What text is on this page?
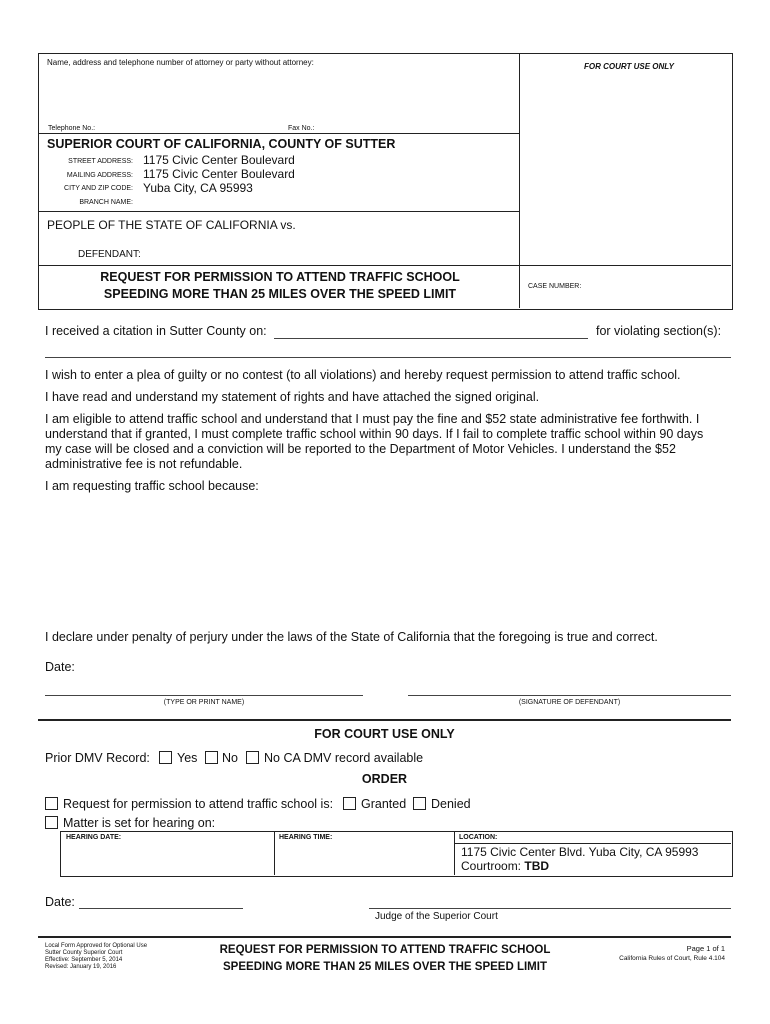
Name, address and telephone number of attorney or party without attorney:	FOR COURT USE ONLY
Telephone No.:	Fax No.:
SUPERIOR COURT OF CALIFORNIA, COUNTY OF SUTTER
STREET ADDRESS: 1175 Civic Center Boulevard
MAILING ADDRESS: 1175 Civic Center Boulevard
CITY AND ZIP CODE: Yuba City, CA 95993
BRANCH NAME:
PEOPLE OF THE STATE OF CALIFORNIA vs.
DEFENDANT:
REQUEST FOR PERMISSION TO ATTEND TRAFFIC SCHOOL
SPEEDING MORE THAN 25 MILES OVER THE SPEED LIMIT
CASE NUMBER:
I received a citation in Sutter County on:	for violating section(s):
I wish to enter a plea of guilty or no contest (to all violations) and hereby request permission to attend traffic school.
I have read and understand my statement of rights and have attached the signed original.
I am eligible to attend traffic school and understand that I must pay the fine and $52 state administrative fee forthwith. I
understand that if granted, I must complete traffic school within 90 days. If I fail to complete traffic school within 90 days
my case will be closed and a conviction will be reported to the Department of Motor Vehicles. I understand the $52
administrative fee is not refundable.
I am requesting traffic school because:
I declare under penalty of perjury under the laws of the State of California that the foregoing is true and correct.
Date:
(TYPE OR PRINT NAME)	(SIGNATURE OF DEFENDANT)
FOR COURT USE ONLY
Prior DMV Record: Yes No No CA DMV record available
ORDER
Request for permission to attend traffic school is: Granted Denied
Matter is set for hearing on:
HEARING DATE:	HEARING TIME:	LOCATION:
1175 Civic Center Blvd. Yuba City, CA 95993
Courtroom: TBD
Date:
Judge of the Superior Court
Local Form Approved for Optional Use
Sutter County Superior Court
Effective: September 5, 2014
Revised: January 19, 2016
REQUEST FOR PERMISSION TO ATTEND TRAFFIC SCHOOL
SPEEDING MORE THAN 25 MILES OVER THE SPEED LIMIT
Page 1 of 1
California Rules of Court, Rule 4.104
